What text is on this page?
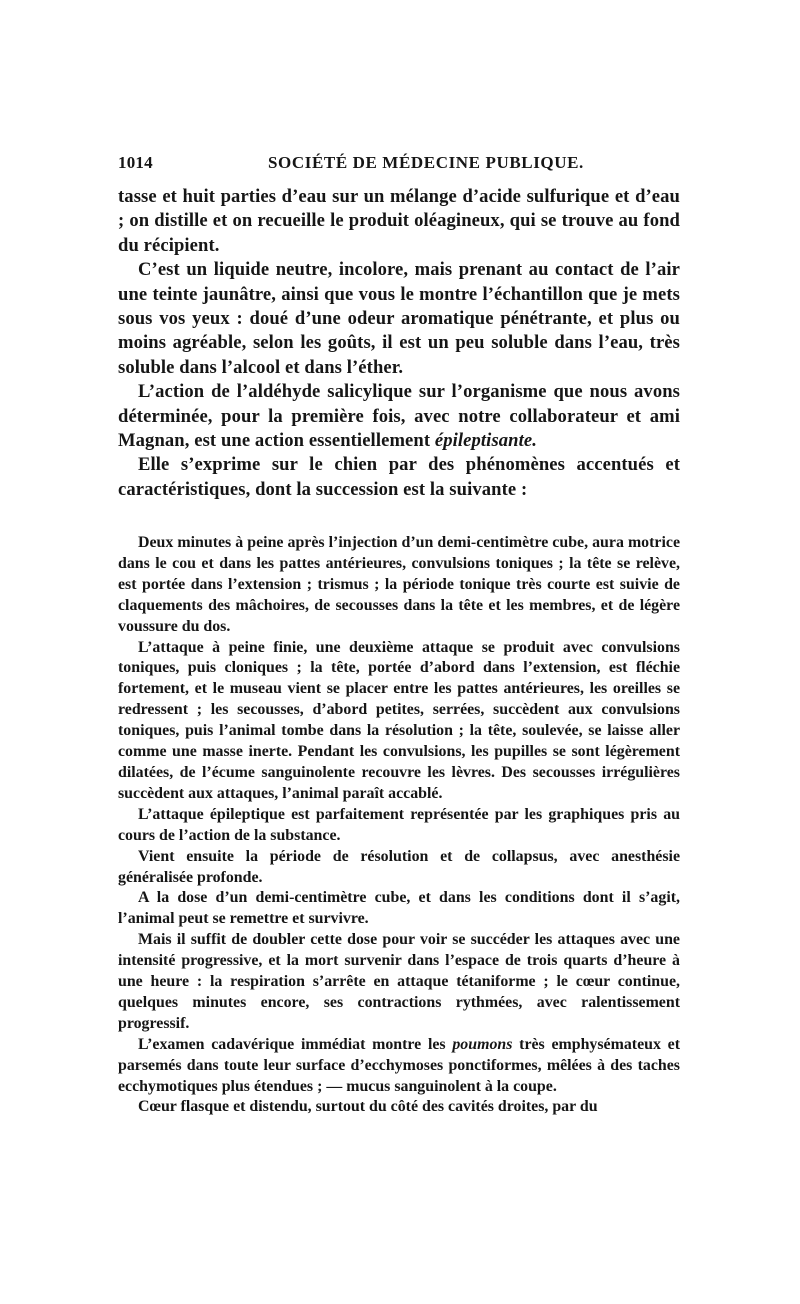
1014	SOCIÉTÉ DE MÉDECINE PUBLIQUE.

tasse et huit parties d’eau sur un mélange d’acide sulfurique et d’eau ; on distille et on recueille le produit oléagineux, qui se trouve au fond du récipient.

C’est un liquide neutre, incolore, mais prenant au contact de l’air une teinte jaunâtre, ainsi que vous le montre l’échantillon que je mets sous vos yeux : doué d’une odeur aromatique pénétrante, et plus ou moins agréable, selon les goûts, il est un peu soluble dans l’eau, très soluble dans l’alcool et dans l’éther.

L’action de l’aldéhyde salicylique sur l’organisme que nous avons déterminée, pour la première fois, avec notre collaborateur et ami Magnan, est une action essentiellement épileptisante.

Elle s’exprime sur le chien par des phénomènes accentués et caractéristiques, dont la succession est la suivante :

Deux minutes à peine après l’injection d’un demi-centimètre cube, aura motrice dans le cou et dans les pattes antérieures, convulsions toniques ; la tête se relève, est portée dans l’extension ; trismus ; la période tonique très courte est suivie de claquements des mâchoires, de secousses dans la tête et les membres, et de légère voussure du dos.

L’attaque à peine finie, une deuxième attaque se produit avec convulsions toniques, puis cloniques ; la tête, portée d’abord dans l’extension, est fléchie fortement, et le museau vient se placer entre les pattes antérieures, les oreilles se redressent ; les secousses, d’abord petites, serrées, succèdent aux convulsions toniques, puis l’animal tombe dans la résolution ; la tête, soulevée, se laisse aller comme une masse inerte. Pendant les convulsions, les pupilles se sont légèrement dilatées, de l’écume sanguinolente recouvre les lèvres. Des secousses irrégulières succèdent aux attaques, l’animal paraît accablé.

L’attaque épileptique est parfaitement représentée par les graphiques pris au cours de l’action de la substance.

Vient ensuite la période de résolution et de collapsus, avec anesthésie généralisée profonde.

A la dose d’un demi-centimètre cube, et dans les conditions dont il s’agit, l’animal peut se remettre et survivre.

Mais il suffit de doubler cette dose pour voir se succéder les attaques avec une intensité progressive, et la mort survenir dans l’espace de trois quarts d’heure à une heure : la respiration s’arrête en attaque tétaniforme ; le cœur continue, quelques minutes encore, ses contractions rythmées, avec ralentissement progressif.

L’examen cadavérique immédiat montre les poumons très emphysémateux et parsemés dans toute leur surface d’ecchymoses ponctiformes, mêlées à des taches ecchymotiques plus étendues ; — mucus sanguinolent à la coupe.

Cœur flasque et distendu, surtout du côté des cavités droites, par du
